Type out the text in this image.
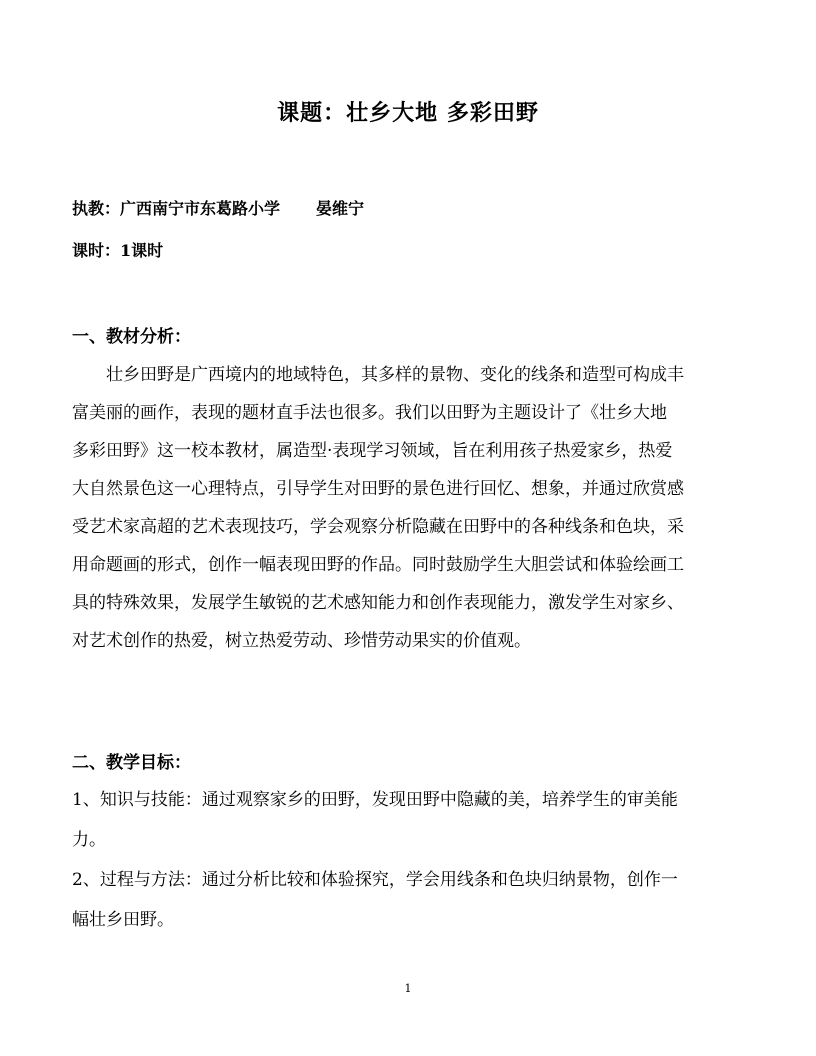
课题：壮乡大地 多彩田野
执教：广西南宁市东葛路小学 晏维宁
课时：1课时
一、教材分析：
壮乡田野是广西境内的地域特色，其多样的景物、变化的线条和造型可构成丰
富美丽的画作，表现的题材直手法也很多。我们以田野为主题设计了《壮乡大地
多彩田野》这一校本教材，属造型·表现学习领域，旨在利用孩子热爱家乡，热爱
大自然景色这一心理特点，引导学生对田野的景色进行回忆、想象，并通过欣赏感
受艺术家高超的艺术表现技巧，学会观察分析隐藏在田野中的各种线条和色块，采
用命题画的形式，创作一幅表现田野的作品。同时鼓励学生大胆尝试和体验绘画工
具的特殊效果，发展学生敏锐的艺术感知能力和创作表现能力，激发学生对家乡、
对艺术创作的热爱，树立热爱劳动、珍惜劳动果实的价值观。
二、教学目标：
1、知识与技能：通过观察家乡的田野，发现田野中隐藏的美，培养学生的审美能
力。
2、过程与方法：通过分析比较和体验探究，学会用线条和色块归纳景物，创作一
幅壮乡田野。
1
